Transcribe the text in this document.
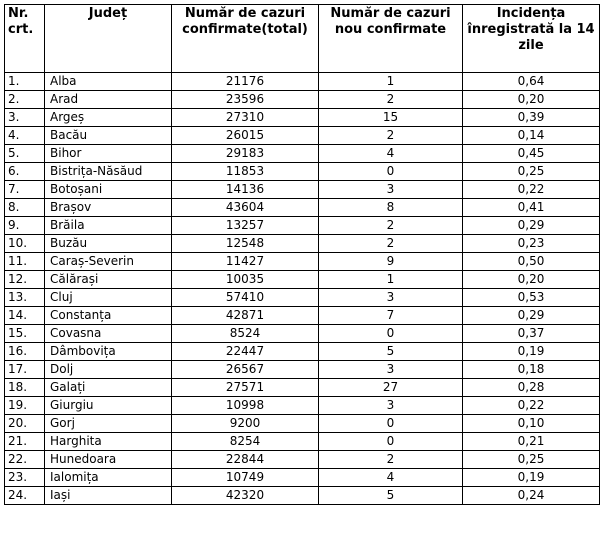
Nr. crt.	Județ	Număr de cazuri confirmate(total)	Număr de cazuri nou confirmate	Incidența înregistrată la 14 zile
1.	Alba	21176	1	0,64
2.	Arad	23596	2	0,20
3.	Argeș	27310	15	0,39
4.	Bacău	26015	2	0,14
5.	Bihor	29183	4	0,45
6.	Bistrița-Năsăud	11853	0	0,25
7.	Botoșani	14136	3	0,22
8.	Brașov	43604	8	0,41
9.	Brăila	13257	2	0,29
10.	Buzău	12548	2	0,23
11.	Caraș-Severin	11427	9	0,50
12.	Călărași	10035	1	0,20
13.	Cluj	57410	3	0,53
14.	Constanța	42871	7	0,29
15.	Covasna	8524	0	0,37
16.	Dâmbovița	22447	5	0,19
17.	Dolj	26567	3	0,18
18.	Galați	27571	27	0,28
19.	Giurgiu	10998	3	0,22
20.	Gorj	9200	0	0,10
21.	Harghita	8254	0	0,21
22.	Hunedoara	22844	2	0,25
23.	Ialomița	10749	4	0,19
24.	Iași	42320	5	0,24
